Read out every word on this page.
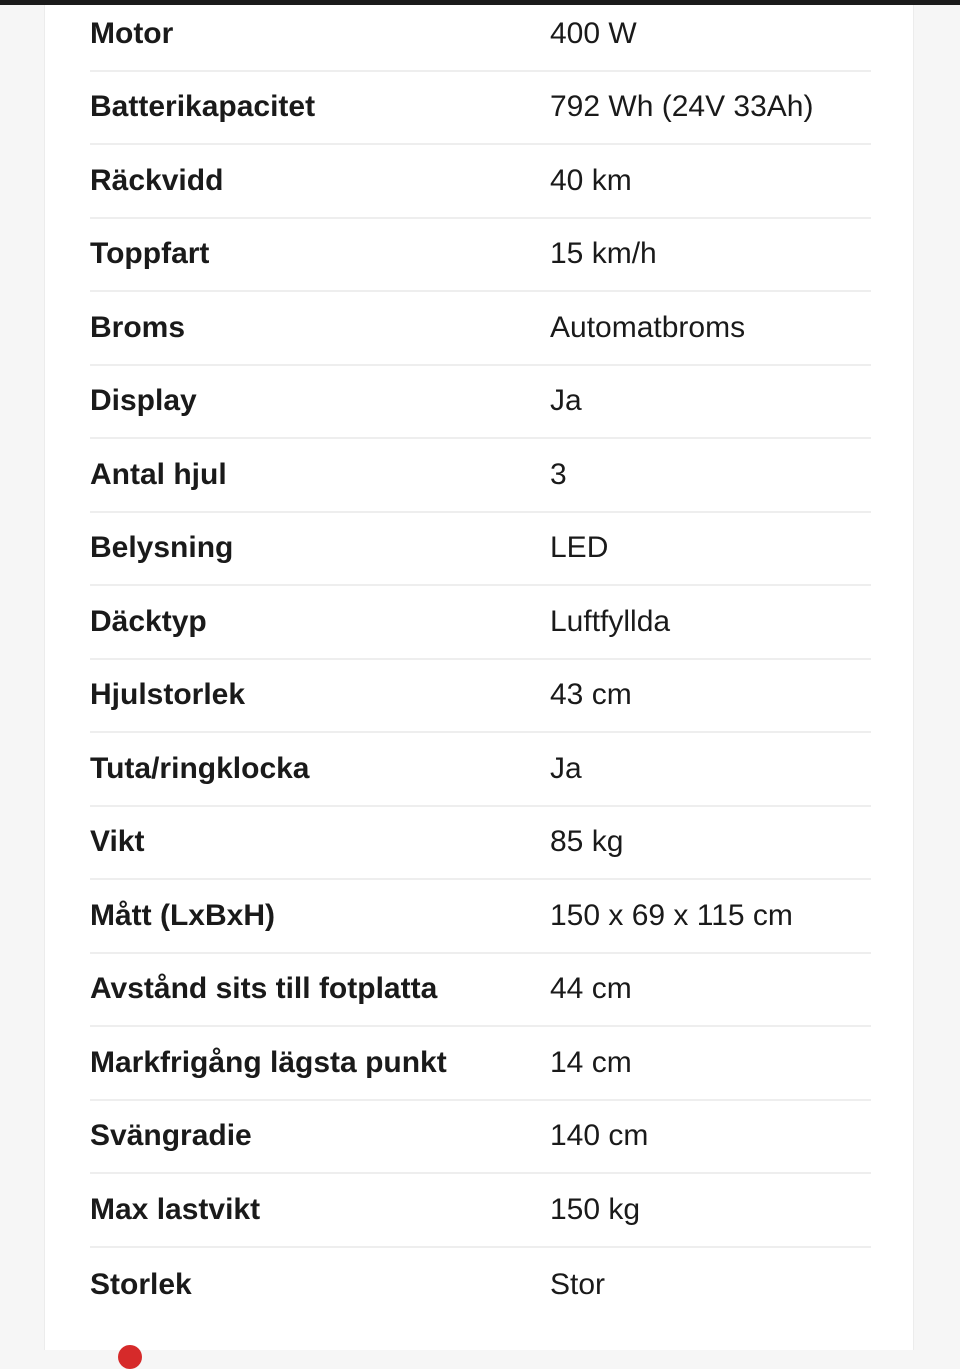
Motor	400 W
Batterikapacitet	792 Wh (24V 33Ah)
Räckvidd	40 km
Toppfart	15 km/h
Broms	Automatbroms
Display	Ja
Antal hjul	3
Belysning	LED
Däcktyp	Luftfyllda
Hjulstorlek	43 cm
Tuta/ringklocka	Ja
Vikt	85 kg
Mått (LxBxH)	150 x 69 x 115 cm
Avstånd sits till fotplatta	44 cm
Markfrigång lägsta punkt	14 cm
Svängradie	140 cm
Max lastvikt	150 kg
Storlek	Stor
